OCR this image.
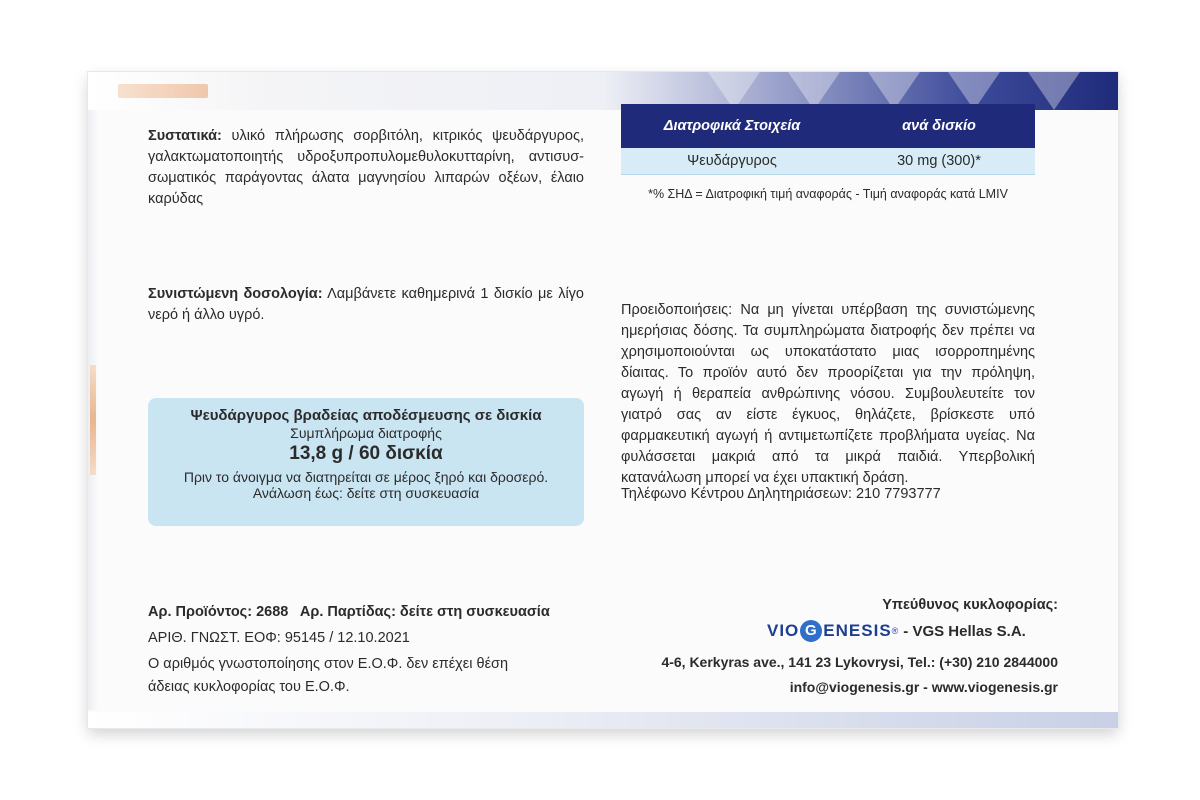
Συστατικά: υλικό πλήρωσης σορβιτόλη, κιτρικός ψευδάργυρος, γαλακτωματοποιητής υδροξυπροπυλομεθυλοκυτταρίνη, αντισυσ-σωματικός παράγοντας άλατα μαγνησίου λιπαρών οξέων, έλαιο καρύδας
Συνιστώμενη δοσολογία: Λαμβάνετε καθημερινά 1 δισκίο με λίγο νερό ή άλλο υγρό.
Διατροφικά Στοιχεία	ανά δισκίο
Ψευδάργυρος	30 mg (300)*
*% ΣΗΔ = Διατροφική τιμή αναφοράς - Τιμή αναφοράς κατά LMIV
Προειδοποιήσεις: Να μη γίνεται υπέρβαση της συνιστώμενης ημερήσιας δόσης. Τα συμπληρώματα διατροφής δεν πρέπει να χρησιμοποιούνται ως υποκατάστατο μιας ισορροπημένης δίαιτας. Το προϊόν αυτό δεν προορίζεται για την πρόληψη, αγωγή ή θεραπεία ανθρώπινης νόσου. Συμβουλευτείτε τον γιατρό σας αν είστε έγκυος, θηλάζετε, βρίσκεστε υπό φαρμακευτική αγωγή ή αντιμετωπίζετε προβλήματα υγείας. Να φυλάσσεται μακριά από τα μικρά παιδιά. Υπερβολική κατανάλωση μπορεί να έχει υπακτική δράση.
Τηλέφωνο Κέντρου Δηλητηριάσεων: 210 7793777
Ψευδάργυρος βραδείας αποδέσμευσης σε δισκία
Συμπλήρωμα διατροφής
13,8 g / 60 δισκία
Πριν το άνοιγμα να διατηρείται σε μέρος ξηρό και δροσερό.
Ανάλωση έως: δείτε στη συσκευασία
Αρ. Προϊόντος: 2688   Αρ. Παρτίδας: δείτε στη συσκευασία
ΑΡΙΘ. ΓΝΩΣΤ. ΕΟΦ: 95145 / 12.10.2021
Ο αριθμός γνωστοποίησης στον Ε.Ο.Φ. δεν επέχει θέση
άδειας κυκλοφορίας του Ε.Ο.Φ.
Υπεύθυνος κυκλοφορίας:
VIO G ENESIS ® - VGS Hellas S.A.
4-6, Kerkyras ave., 141 23 Lykovrysi, Tel.: (+30) 210 2844000
info@viogenesis.gr - www.viogenesis.gr
